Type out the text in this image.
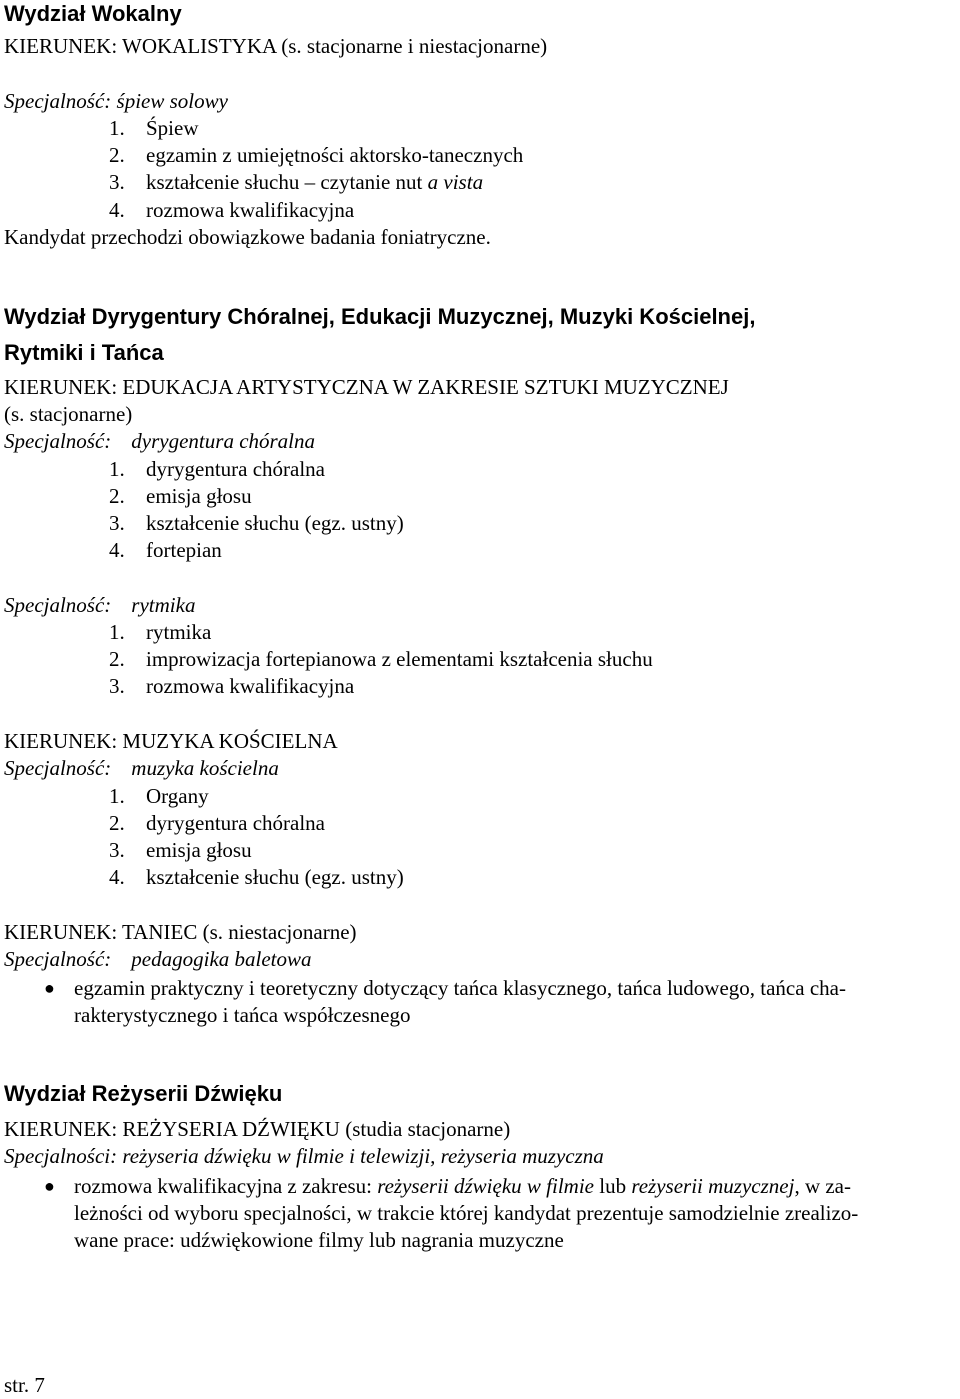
Wydział Wokalny
KIERUNEK: WOKALISTYKA (s. stacjonarne i niestacjonarne)
Specjalność: śpiew solowy
1. Śpiew
2. egzamin z umiejętności aktorsko-tanecznych
3. kształcenie słuchu – czytanie nut a vista
4. rozmowa kwalifikacyjna
Kandydat przechodzi obowiązkowe badania foniatryczne.
Wydział Dyrygentury Chóralnej, Edukacji Muzycznej, Muzyki Kościelnej,
Rytmiki i Tańca
KIERUNEK: EDUKACJA ARTYSTYCZNA W ZAKRESIE SZTUKI MUZYCZNEJ
(s. stacjonarne)
Specjalność: dyrygentura chóralna
1. dyrygentura chóralna
2. emisja głosu
3. kształcenie słuchu (egz. ustny)
4. fortepian
Specjalność: rytmika
1. rytmika
2. improwizacja fortepianowa z elementami kształcenia słuchu
3. rozmowa kwalifikacyjna
KIERUNEK: MUZYKA KOŚCIELNA
Specjalność: muzyka kościelna
1. Organy
2. dyrygentura chóralna
3. emisja głosu
4. kształcenie słuchu (egz. ustny)
KIERUNEK: TANIEC (s. niestacjonarne)
Specjalność: pedagogika baletowa
● egzamin praktyczny i teoretyczny dotyczący tańca klasycznego, tańca ludowego, tańca cha-
rakterystycznego i tańca współczesnego
Wydział Reżyserii Dźwięku
KIERUNEK: REŻYSERIA DŹWIĘKU (studia stacjonarne)
Specjalności: reżyseria dźwięku w filmie i telewizji, reżyseria muzyczna
● rozmowa kwalifikacyjna z zakresu: reżyserii dźwięku w filmie lub reżyserii muzycznej, w za-
leżności od wyboru specjalności, w trakcie której kandydat prezentuje samodzielnie zrealizo-
wane prace: udźwiękowione filmy lub nagrania muzyczne
str. 7
